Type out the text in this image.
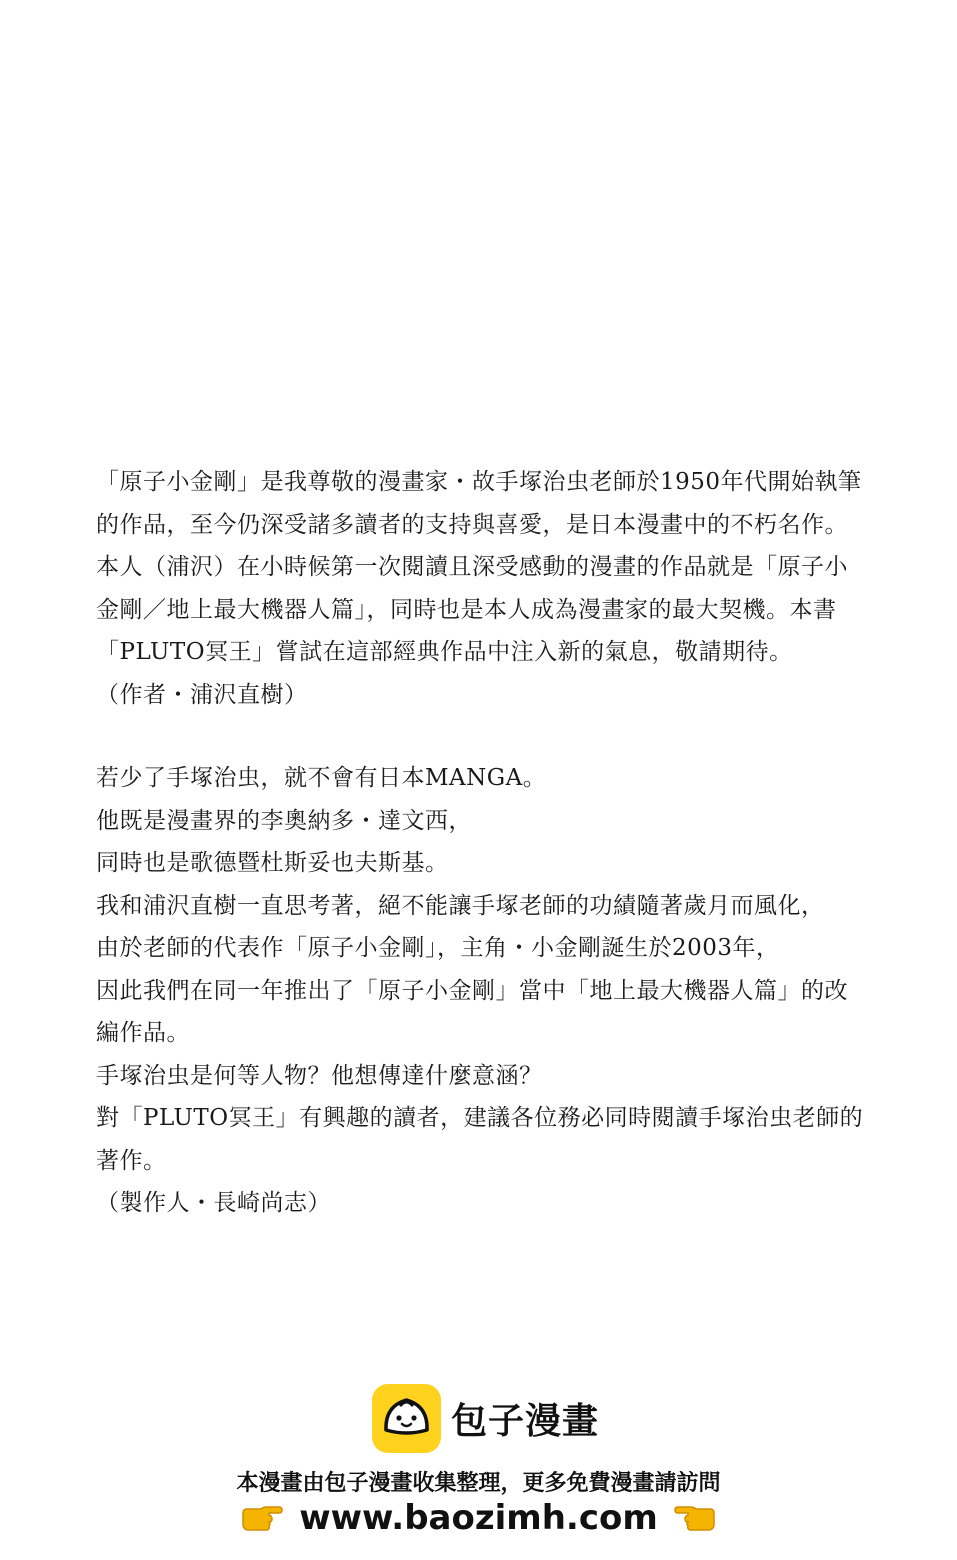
「原子小金剛」是我尊敬的漫畫家・故手塚治虫老師於1950年代開始執筆
的作品，至今仍深受諸多讀者的支持與喜愛，是日本漫畫中的不朽名作。
本人（浦沢）在小時候第一次閱讀且深受感動的漫畫的作品就是「原子小
金剛／地上最大機器人篇」，同時也是本人成為漫畫家的最大契機。本書
「PLUTO冥王」嘗試在這部經典作品中注入新的氣息，敬請期待。
（作者・浦沢直樹）
若少了手塚治虫，就不會有日本MANGA。
他既是漫畫界的李奧納多・達文西，
同時也是歌德暨杜斯妥也夫斯基。
我和浦沢直樹一直思考著，絕不能讓手塚老師的功績隨著歲月而風化，
由於老師的代表作「原子小金剛」，主角・小金剛誕生於2003年，
因此我們在同一年推出了「原子小金剛」當中「地上最大機器人篇」的改
編作品。
手塚治虫是何等人物？他想傳達什麼意涵？
對「PLUTO冥王」有興趣的讀者，建議各位務必同時閱讀手塚治虫老師的
著作。
（製作人・長崎尚志）
包子漫畫
本漫畫由包子漫畫收集整理，更多免費漫畫請訪問
www.baozimh.com
